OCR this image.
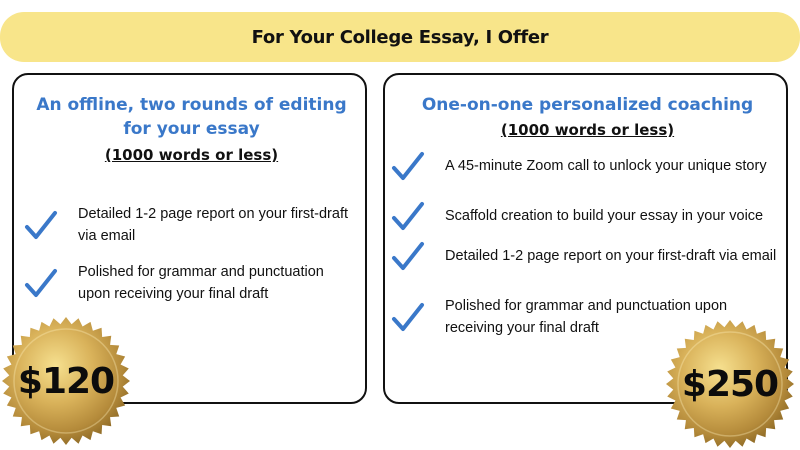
For Your College Essay, I Offer
An offline, two rounds of editing for your essay
(1000 words or less)
Detailed 1-2 page report on your first-draft via email
Polished for grammar and punctuation upon receiving your final draft
One-on-one personalized coaching
(1000 words or less)
A 45-minute Zoom call to unlock your unique story
Scaffold creation to build your essay in your voice
Detailed 1-2 page report on your first-draft via email
Polished for grammar and punctuation upon receiving your final draft
$120	$250
